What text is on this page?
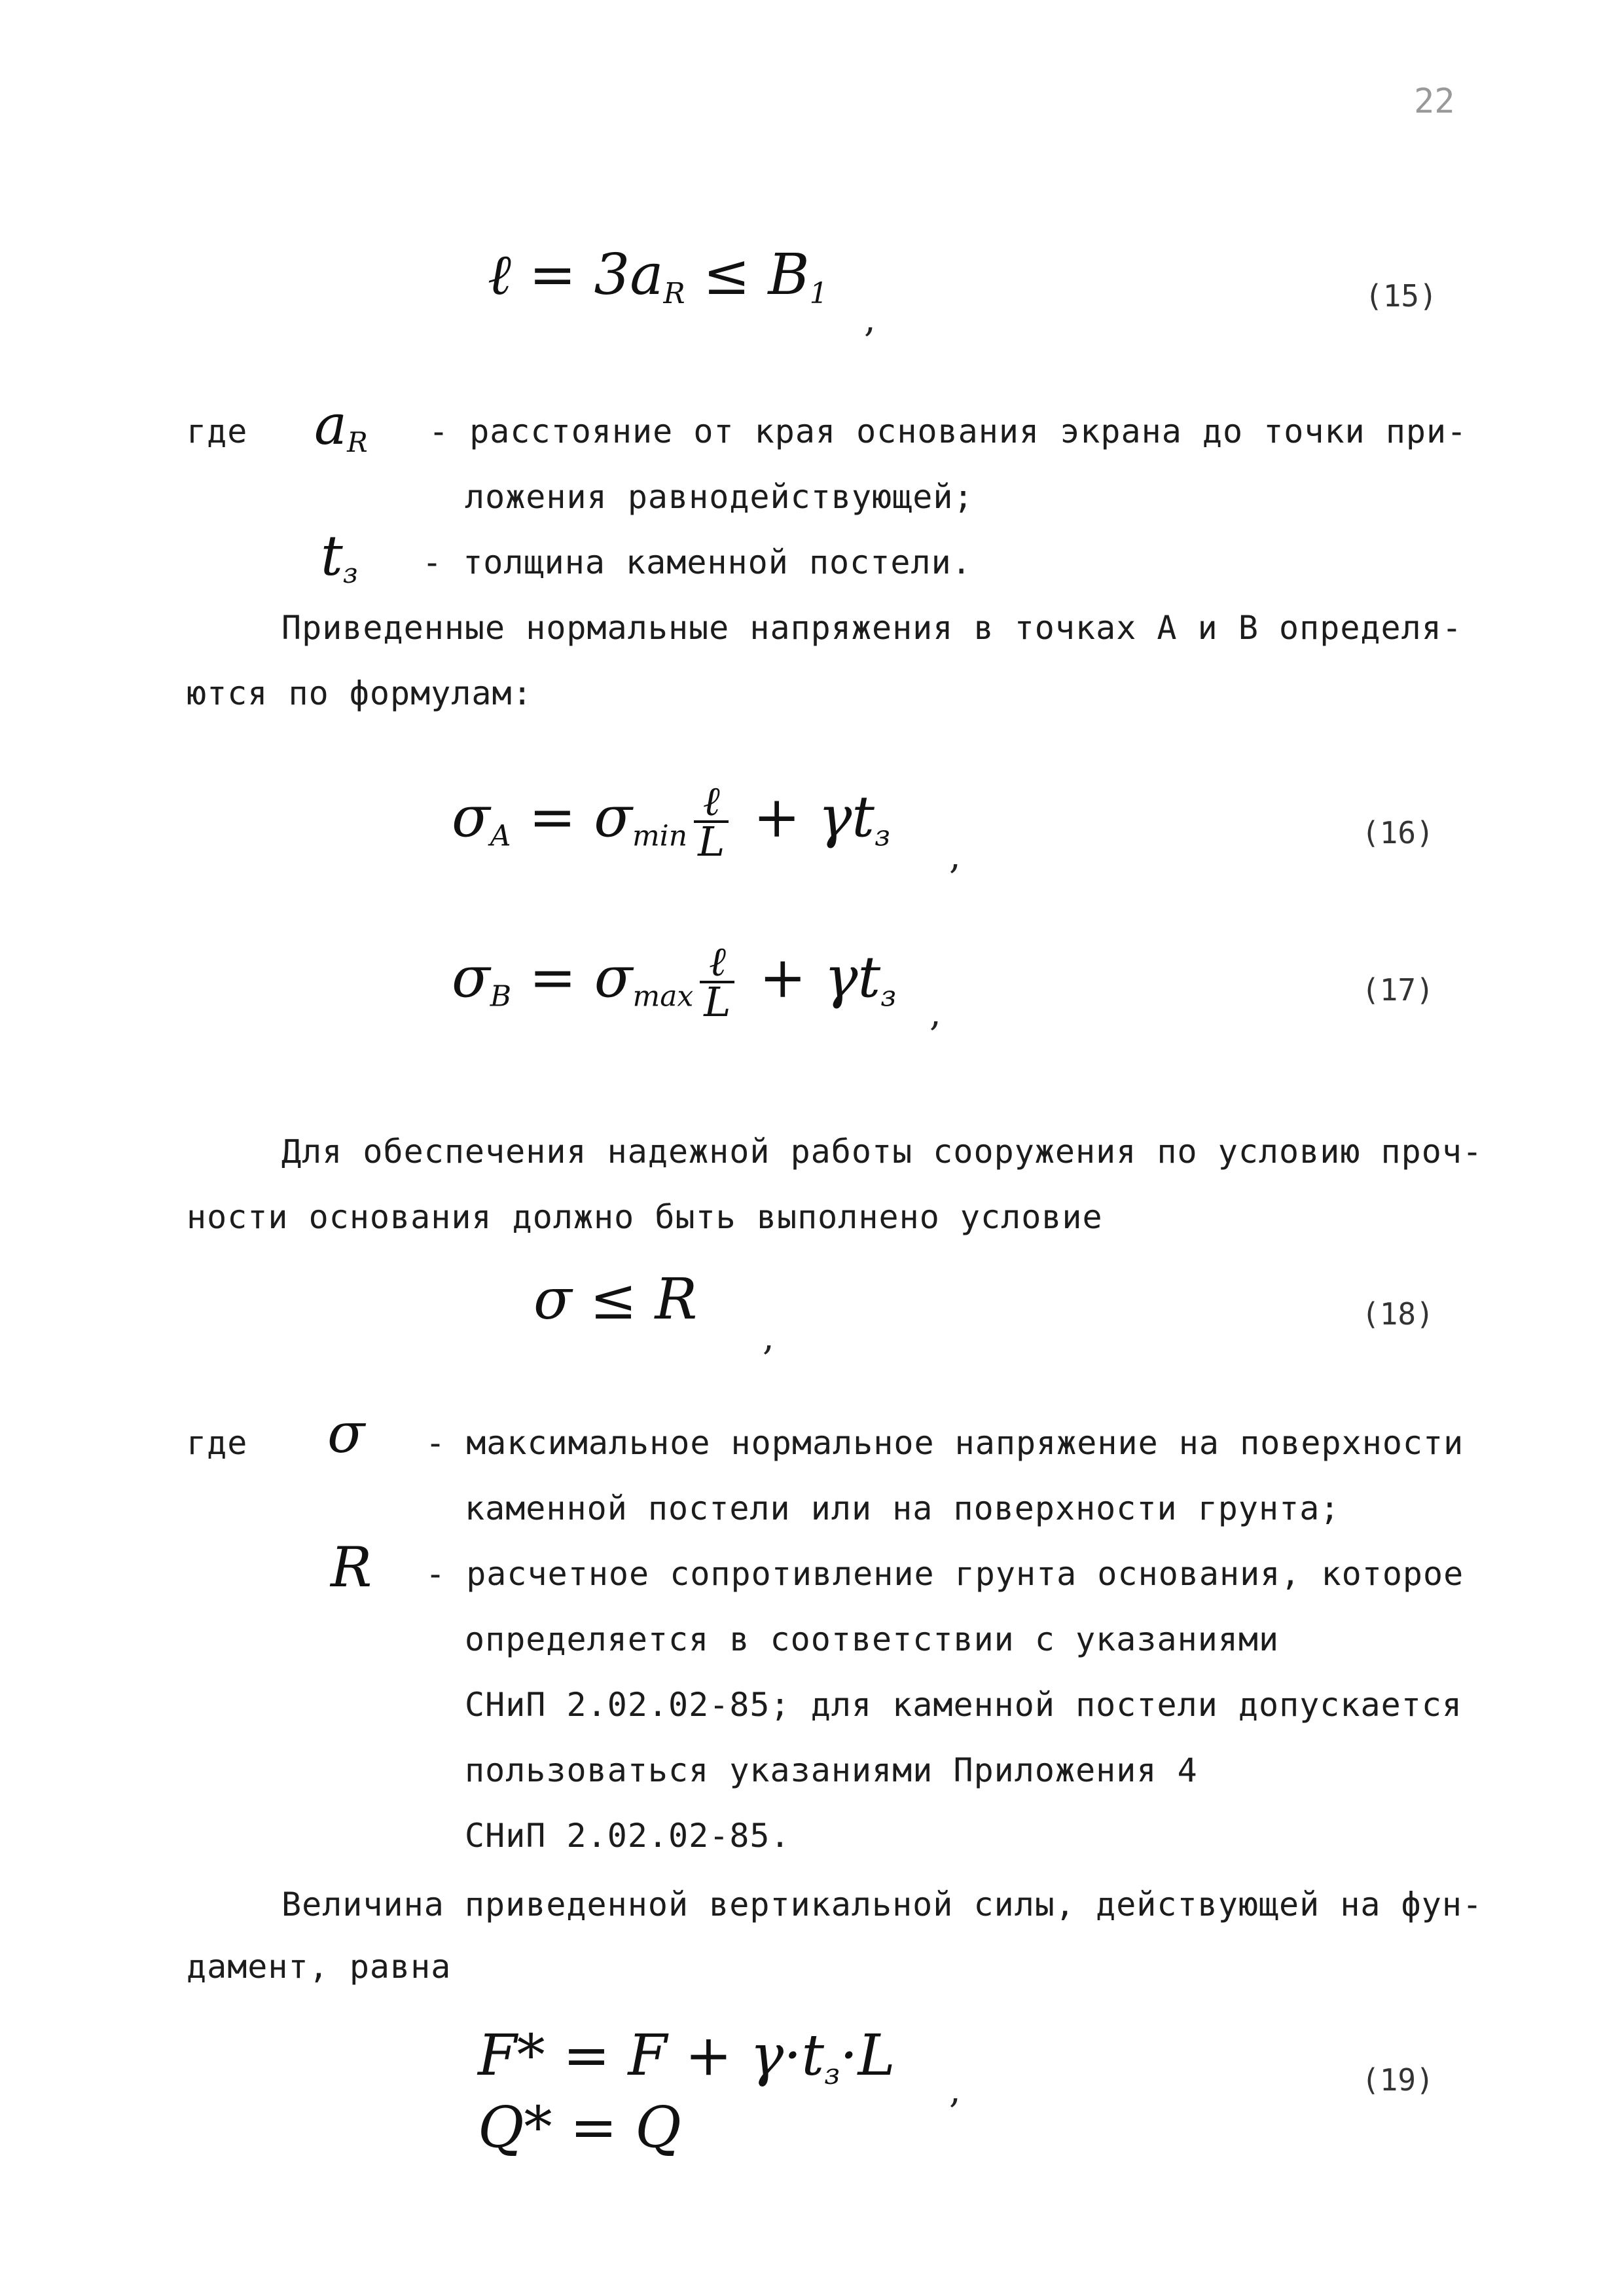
22
ℓ = $3a_R \le B_1$
,
(15)
где $a_R$ - расстояние от края основания экрана до точки при-
ложения равнодействующей;
$t_з$ - толщина каменной постели.
Приведенные нормальные напряжения в точках А и В определя-
ются по формулам:
$\sigma_A = \sigma_{min} \frac{\text{ℓ}}{L} + \gamma t_з$ ,
(16)
$\sigma_B = \sigma_{max} \frac{\text{ℓ}}{L} + \gamma t_з$ ,
(17)
Для обеспечения надежной работы сооружения по условию проч-
ности основания должно быть выполнено условие
σ ≤ R
,
(18)
где σ - максимальное нормальное напряжение на поверхности
каменной постели или на поверхности грунта;
R - расчетное сопротивление грунта основания, которое
определяется в соответствии с указаниями
СНиП 2.02.02-85; для каменной постели допускается
пользоваться указаниями Приложения 4
СНиП 2.02.02-85.
Величина приведенной вертикальной силы, действующей на фун-
дамент, равна
$F* = F + \gamma\cdot t_з\cdot L$
Q* = Q
,	(19)
